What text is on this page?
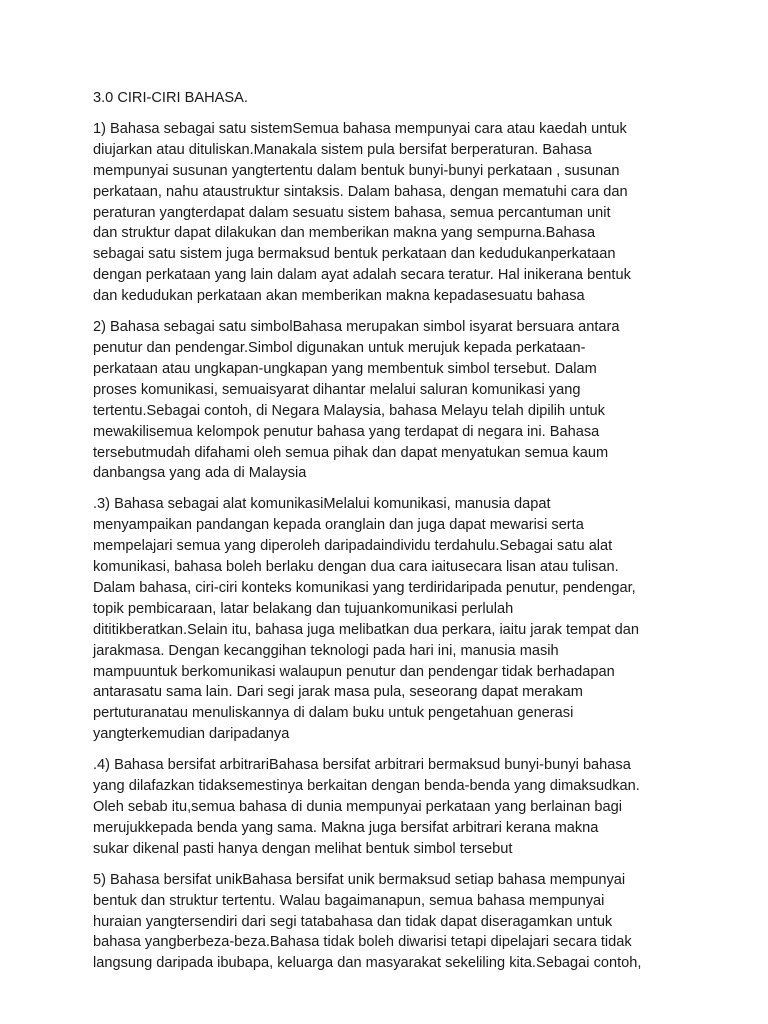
3.0 CIRI-CIRI BAHASA.
1) Bahasa sebagai satu sistemSemua bahasa mempunyai cara atau kaedah untuk
diujarkan atau dituliskan.Manakala sistem pula bersifat berperaturan. Bahasa
mempunyai susunan yangtertentu dalam bentuk bunyi-bunyi perkataan , susunan
perkataan, nahu ataustruktur sintaksis. Dalam bahasa, dengan mematuhi cara dan
peraturan yangterdapat dalam sesuatu sistem bahasa, semua percantuman unit
dan struktur dapat dilakukan dan memberikan makna yang sempurna.Bahasa
sebagai satu sistem juga bermaksud bentuk perkataan dan kedudukanperkataan
dengan perkataan yang lain dalam ayat adalah secara teratur. Hal inikerana bentuk
dan kedudukan perkataan akan memberikan makna kepadasesuatu bahasa
2) Bahasa sebagai satu simbolBahasa merupakan simbol isyarat bersuara antara
penutur dan pendengar.Simbol digunakan untuk merujuk kepada perkataan-
perkataan atau ungkapan-ungkapan yang membentuk simbol tersebut. Dalam
proses komunikasi, semuaisyarat dihantar melalui saluran komunikasi yang
tertentu.Sebagai contoh, di Negara Malaysia, bahasa Melayu telah dipilih untuk
mewakilisemua kelompok penutur bahasa yang terdapat di negara ini. Bahasa
tersebutmudah difahami oleh semua pihak dan dapat menyatukan semua kaum
danbangsa yang ada di Malaysia
.3) Bahasa sebagai alat komunikasiMelalui komunikasi, manusia dapat
menyampaikan pandangan kepada oranglain dan juga dapat mewarisi serta
mempelajari semua yang diperoleh daripadaindividu terdahulu.Sebagai satu alat
komunikasi, bahasa boleh berlaku dengan dua cara iaitusecara lisan atau tulisan.
Dalam bahasa, ciri-ciri konteks komunikasi yang terdiridaripada penutur, pendengar,
topik pembicaraan, latar belakang dan tujuankomunikasi perlulah
dititikberatkan.Selain itu, bahasa juga melibatkan dua perkara, iaitu jarak tempat dan
jarakmasa. Dengan kecanggihan teknologi pada hari ini, manusia masih
mampuuntuk berkomunikasi walaupun penutur dan pendengar tidak berhadapan
antarasatu sama lain. Dari segi jarak masa pula, seseorang dapat merakam
pertuturanatau menuliskannya di dalam buku untuk pengetahuan generasi
yangterkemudian daripadanya
.4) Bahasa bersifat arbitrariBahasa bersifat arbitrari bermaksud bunyi-bunyi bahasa
yang dilafazkan tidaksemestinya berkaitan dengan benda-benda yang dimaksudkan.
Oleh sebab itu,semua bahasa di dunia mempunyai perkataan yang berlainan bagi
merujukkepada benda yang sama. Makna juga bersifat arbitrari kerana makna
sukar dikenal pasti hanya dengan melihat bentuk simbol tersebut
5) Bahasa bersifat unikBahasa bersifat unik bermaksud setiap bahasa mempunyai
bentuk dan struktur tertentu. Walau bagaimanapun, semua bahasa mempunyai
huraian yangtersendiri dari segi tatabahasa dan tidak dapat diseragamkan untuk
bahasa yangberbeza-beza.Bahasa tidak boleh diwarisi tetapi dipelajari secara tidak
langsung daripada ibubapa, keluarga dan masyarakat sekeliling kita.Sebagai contoh,
